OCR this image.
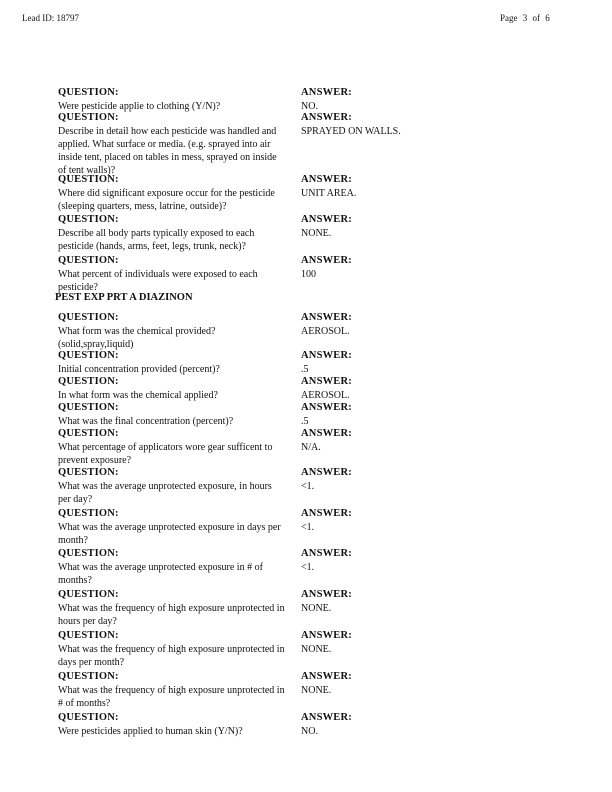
Lead ID: 18797	Page 3 of 6
QUESTION:
Were pesticide applie to clothing (Y/N)?
ANSWER:
NO.
QUESTION:
Describe in detail how each pesticide was handled and applied. What surface or media. (e.g. sprayed into air inside tent, placed on tables in mess, sprayed on inside of tent walls)?
ANSWER:
SPRAYED ON WALLS.
QUESTION:
Where did significant exposure occur for the pesticide (sleeping quarters, mess, latrine, outside)?
ANSWER:
UNIT AREA.
QUESTION:
Describe all body parts typically exposed to each pesticide (hands, arms, feet, legs, trunk, neck)?
ANSWER:
NONE.
QUESTION:
What percent of individuals were exposed to each pesticide?
ANSWER:
100
QUESTION:
What form was the chemical provided?(solid,spray,liquid)
ANSWER:
AEROSOL.
QUESTION:
Initial concentration provided (percent)?
ANSWER:
.5
QUESTION:
In what form was the chemical applied?
ANSWER:
AEROSOL.
QUESTION:
What was the final concentration (percent)?
ANSWER:
.5
QUESTION:
What percentage of applicators wore gear sufficent to prevent exposure?
ANSWER:
N/A.
QUESTION:
What was the average unprotected exposure, in hours per day?
ANSWER:
<1.
QUESTION:
What was the average unprotected exposure in days per month?
ANSWER:
<1.
QUESTION:
What was the average unprotected exposure in # of months?
ANSWER:
<1.
QUESTION:
What was the frequency of high exposure unprotected in hours per day?
ANSWER:
NONE.
QUESTION:
What was the frequency of high exposure unprotected in days per month?
ANSWER:
NONE.
QUESTION:
What was the frequency of high exposure unprotected in # of months?
ANSWER:
NONE.
QUESTION:
Were pesticides applied to human skin (Y/N)?
ANSWER:
NO.
PEST EXP PRT A DIAZINON
